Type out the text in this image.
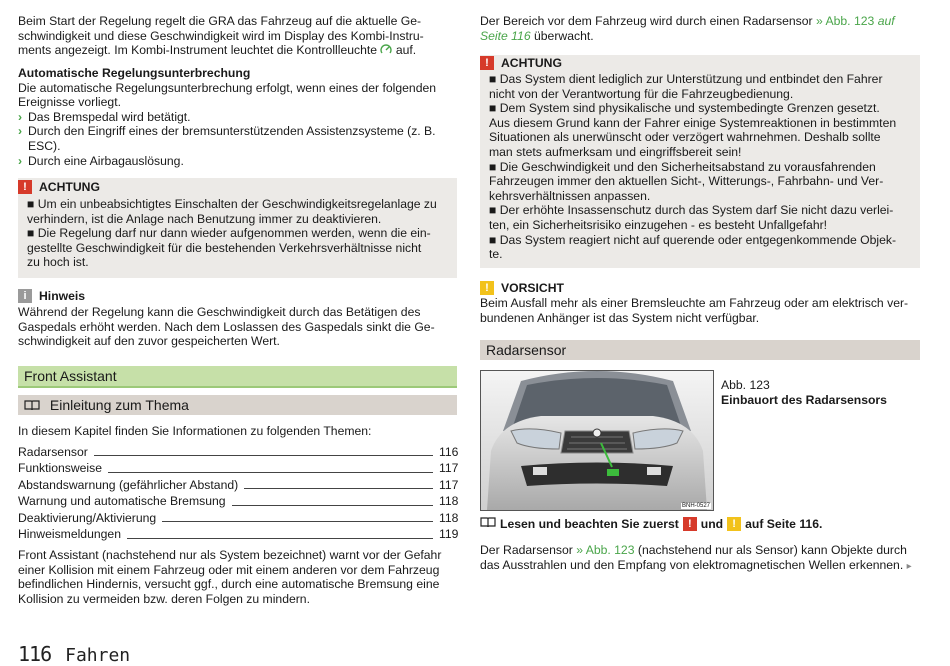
Beim Start der Regelung regelt die GRA das Fahrzeug auf die aktuelle Ge-

schwindigkeit und diese Geschwindigkeit wird im Display des Kombi-Instru-

ments angezeigt. Im Kombi-Instrument leuchtet die Kontrollleuchte auf.

Automatische Regelungsunterbrechung

Die automatische Regelungsunterbrechung erfolgt, wenn eines der folgenden

Ereignisse vorliegt.

› Das Bremspedal wird betätigt.
› Durch den Eingriff eines der bremsunterstützenden Assistenzsysteme (z. B.
ESC).
› Durch eine Airbagauslösung.
! ACHTUNG

■ Um ein unbeabsichtigtes Einschalten der Geschwindigkeitsregelanlage zu

verhindern, ist die Anlage nach Benutzung immer zu deaktivieren.

■ Die Regelung darf nur dann wieder aufgenommen werden, wenn die ein-

gestellte Geschwindigkeit für die bestehenden Verkehrsverhältnisse nicht

zu hoch ist.

i	Hinweis

Während der Regelung kann die Geschwindigkeit durch das Betätigen des

Gaspedals erhöht werden. Nach dem Loslassen des Gaspedals sinkt die Ge-

schwindigkeit auf den zuvor gespeicherten Wert.

Front Assistant
Einleitung zum Thema

In diesem Kapitel finden Sie Informationen zu folgenden Themen:

Radarsensor	116
Funktionsweise	117
Abstandswarnung (gefährlicher Abstand)	117
Warnung und automatische Bremsung	118
Deaktivierung/Aktivierung	118
Hinweismeldungen	119

Front Assistant (nachstehend nur als System bezeichnet) warnt vor der Gefahr

einer Kollision mit einem Fahrzeug oder mit einem anderen vor dem Fahrzeug

befindlichen Hindernis, versucht ggf., durch eine automatische Bremsung eine

Kollision zu vermeiden bzw. deren Folgen zu mindern.

Der Bereich vor dem Fahrzeug wird durch einen Radarsensor » Abb. 123 auf

Seite 116 überwacht.

! ACHTUNG

■ Das System dient lediglich zur Unterstützung und entbindet den Fahrer

nicht von der Verantwortung für die Fahrzeugbedienung.

■ Dem System sind physikalische und systembedingte Grenzen gesetzt.

Aus diesem Grund kann der Fahrer einige Systemreaktionen in bestimmten

Situationen als unerwünscht oder verzögert wahrnehmen. Deshalb sollte

man stets aufmerksam und eingriffsbereit sein!

■ Die Geschwindigkeit und den Sicherheitsabstand zu vorausfahrenden

Fahrzeugen immer den aktuellen Sicht-, Witterungs-, Fahrbahn- und Ver-

kehrsverhältnissen anpassen.

■ Der erhöhte Insassenschutz durch das System darf Sie nicht dazu verlei-

ten, ein Sicherheitsrisiko einzugehen - es besteht Unfallgefahr!

■ Das System reagiert nicht auf querende oder entgegenkommende Objek-

te.

! VORSICHT

Beim Ausfall mehr als einer Bremsleuchte am Fahrzeug oder am elektrisch ver-

bundenen Anhänger ist das System nicht verfügbar.

Radarsensor
BNH-0527

Abb. 123

Einbauort des Radarsensors

Lesen und beachten Sie zuerst ! und ! auf Seite 116.

Der Radarsensor » Abb. 123 (nachstehend nur als Sensor) kann Objekte durch

das Ausstrahlen und den Empfang von elektromagnetischen Wellen erkennen. ▸

116 Fahren
